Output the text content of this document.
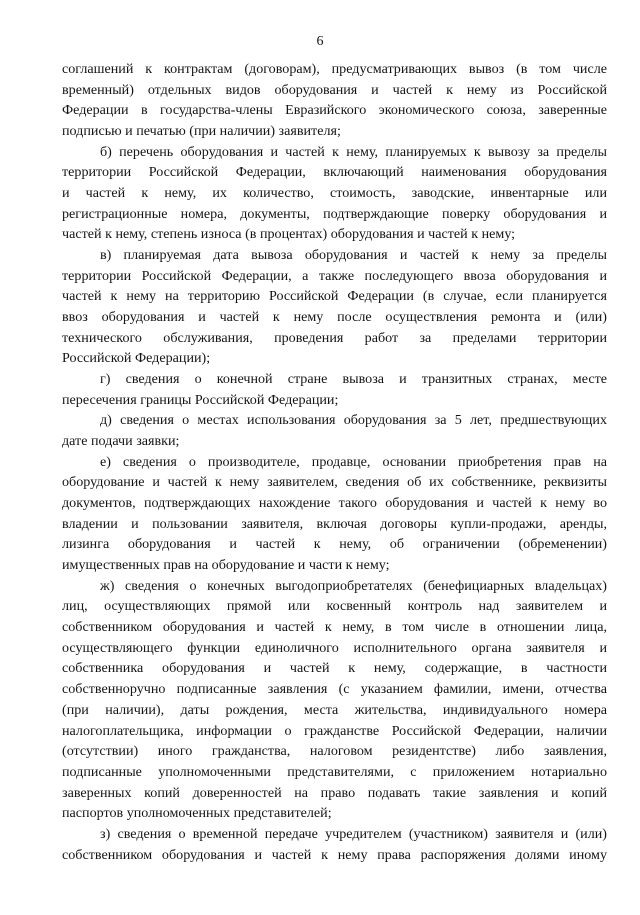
6
соглашений к контрактам (договорам), предусматривающих вывоз (в том числе
временный) отдельных видов оборудования и частей к нему из Российской
Федерации в государства-члены Евразийского экономического союза, заверенные
подписью и печатью (при наличии) заявителя;
б) перечень оборудования и частей к нему, планируемых к вывозу за пределы
территории Российской Федерации, включающий наименования оборудования
и частей к нему, их количество, стоимость, заводские, инвентарные или
регистрационные номера, документы, подтверждающие поверку оборудования и
частей к нему, степень износа (в процентах) оборудования и частей к нему;
в) планируемая дата вывоза оборудования и частей к нему за пределы
территории Российской Федерации, а также последующего ввоза оборудования и
частей к нему на территорию Российской Федерации (в случае, если планируется
ввоз оборудования и частей к нему после осуществления ремонта и (или)
технического обслуживания, проведения работ за пределами территории
Российской Федерации);
г) сведения о конечной стране вывоза и транзитных странах, месте
пересечения границы Российской Федерации;
д) сведения о местах использования оборудования за 5 лет, предшествующих
дате подачи заявки;
е) сведения о производителе, продавце, основании приобретения прав на
оборудование и частей к нему заявителем, сведения об их собственнике, реквизиты
документов, подтверждающих нахождение такого оборудования и частей к нему во
владении и пользовании заявителя, включая договоры купли-продажи, аренды,
лизинга оборудования и частей к нему, об ограничении (обременении)
имущественных прав на оборудование и части к нему;
ж) сведения о конечных выгодоприобретателях (бенефициарных владельцах)
лиц, осуществляющих прямой или косвенный контроль над заявителем и
собственником оборудования и частей к нему, в том числе в отношении лица,
осуществляющего функции единоличного исполнительного органа заявителя и
собственника оборудования и частей к нему, содержащие, в частности
собственноручно подписанные заявления (с указанием фамилии, имени, отчества
(при наличии), даты рождения, места жительства, индивидуального номера
налогоплательщика, информации о гражданстве Российской Федерации, наличии
(отсутствии) иного гражданства, налоговом резидентстве) либо заявления,
подписанные уполномоченными представителями, с приложением нотариально
заверенных копий доверенностей на право подавать такие заявления и копий
паспортов уполномоченных представителей;
з) сведения о временной передаче учредителем (участником) заявителя и (или)
собственником оборудования и частей к нему права распоряжения долями иному
